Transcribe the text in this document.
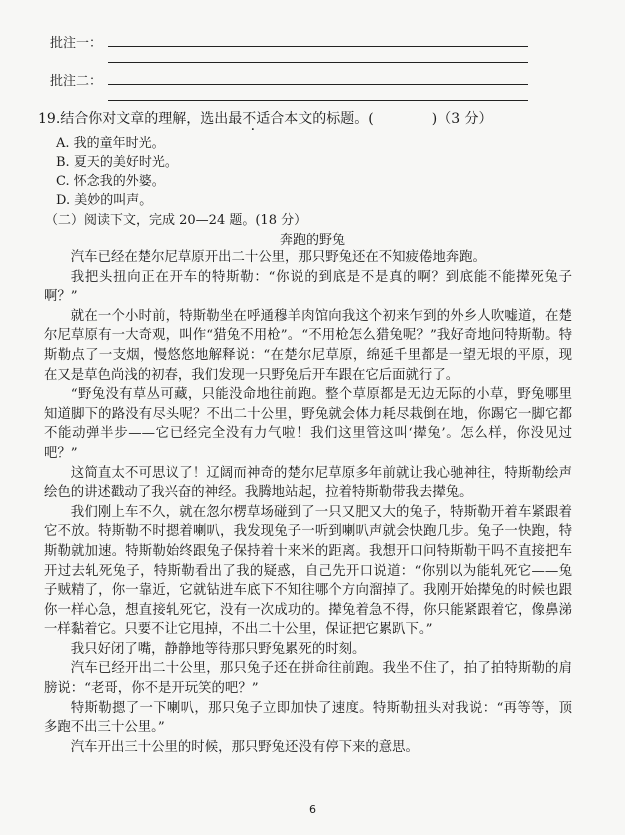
批注一：
批注二：
19.结合你对文章的理解，选出最不适合本文的标题。(	)（3 分）
A. 我的童年时光。
B. 夏天的美好时光。
C. 怀念我的外婆。
D. 美妙的叫声。
（二）阅读下文，完成 20—24 题。(18 分）
奔跑的野兔

汽车已经在楚尔尼草原开出二十公里，那只野兔还在不知疲倦地奔跑。

我把头扭向正在开车的特斯勒：“你说的到底是不是真的啊？到底能不能撵死兔子啊？”

就在一个小时前，特斯勒坐在呼通穆羊肉馆向我这个初来乍到的外乡人吹嘘道，在楚尔尼草原有一大奇观，叫作“猎兔不用枪”。“不用枪怎么猎兔呢？”我好奇地问特斯勒。特斯勒点了一支烟，慢悠悠地解释说：“在楚尔尼草原，绵延千里都是一望无垠的平原，现在又是草色尚浅的初春，我们发现一只野兔后开车跟在它后面就行了。

“野兔没有草丛可藏，只能没命地往前跑。整个草原都是无边无际的小草，野兔哪里知道脚下的路没有尽头呢？不出二十公里，野兔就会体力耗尽栽倒在地，你踢它一脚它都不能动弹半步——它已经完全没有力气啦！我们这里管这叫‘撵兔’。怎么样，你没见过吧？”

这简直太不可思议了！辽阔而神奇的楚尔尼草原多年前就让我心驰神往，特斯勒绘声绘色的讲述戳动了我兴奋的神经。我腾地站起，拉着特斯勒带我去撵兔。

我们刚上车不久，就在忽尔楞草场碰到了一只又肥又大的兔子，特斯勒开着车紧跟着它不放。特斯勒不时摁着喇叭，我发现兔子一听到喇叭声就会快跑几步。兔子一快跑，特斯勒就加速。特斯勒始终跟兔子保持着十来米的距离。我想开口问特斯勒干吗不直接把车开过去轧死兔子，特斯勒看出了我的疑惑，自己先开口说道：“你别以为能轧死它——兔子贼精了，你一靠近，它就钻进车底下不知往哪个方向溜掉了。我刚开始撵兔的时候也跟你一样心急，想直接轧死它，没有一次成功的。撵兔着急不得，你只能紧跟着它，像鼻涕一样黏着它。只要不让它甩掉，不出二十公里，保证把它累趴下。”

我只好闭了嘴，静静地等待那只野兔累死的时刻。

汽车已经开出二十公里，那只兔子还在拼命往前跑。我坐不住了，拍了拍特斯勒的肩膀说：“老哥，你不是开玩笑的吧？”

特斯勒摁了一下喇叭，那只兔子立即加快了速度。特斯勒扭头对我说：“再等等，顶多跑不出三十公里。”

汽车开出三十公里的时候，那只野兔还没有停下来的意思。

6
